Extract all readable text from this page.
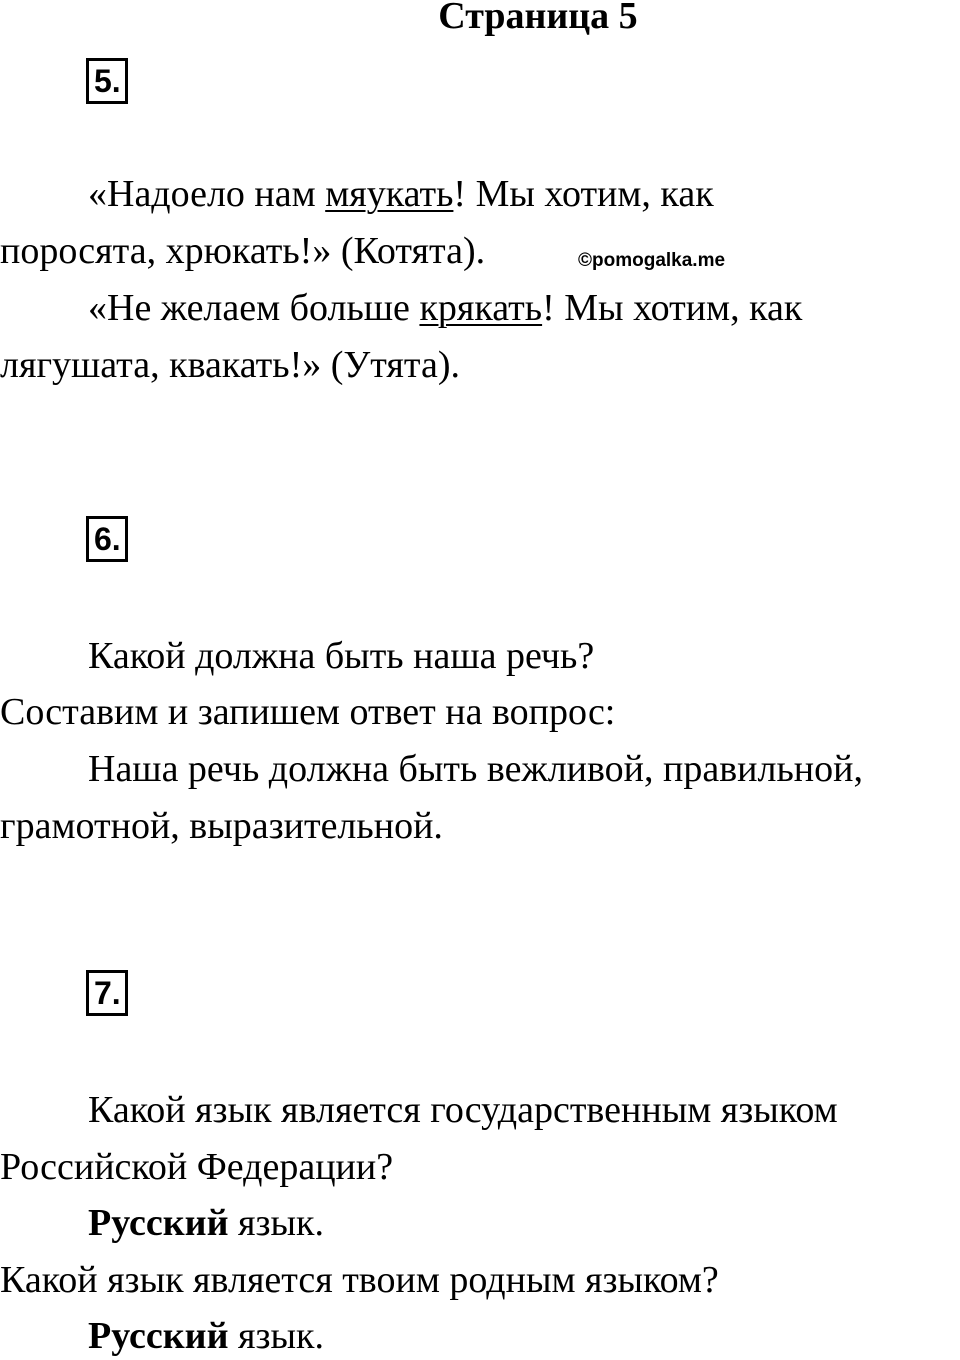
Страница 5
5.
«Надоело нам мяукать! Мы хотим, как
поросята, хрюкать!» (Котята).	©pomogalka.me
«Не желаем больше крякать! Мы хотим, как
лягушата, квакать!» (Утята).
6.
Какой должна быть наша речь?
Составим и запишем ответ на вопрос:
Наша речь должна быть вежливой, правильной,
грамотной, выразительной.
7.
Какой язык является государственным языком
Российской Федерации?
Русский язык.
Какой язык является твоим родным языком?
Русский язык.
